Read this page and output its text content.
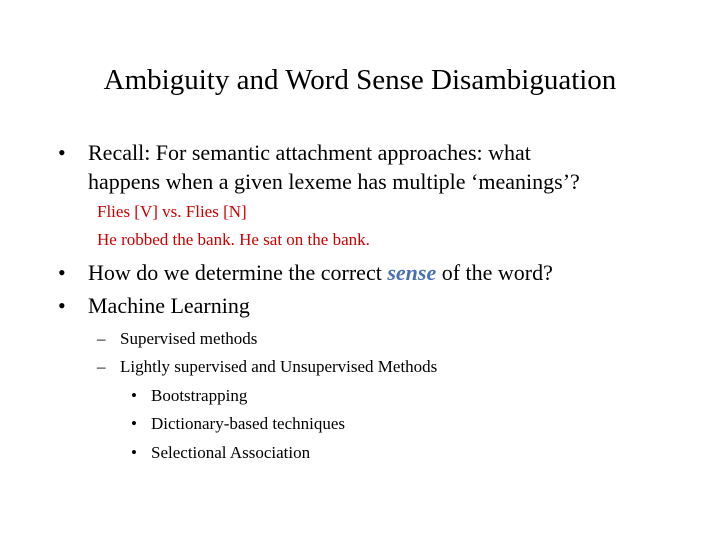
Ambiguity and Word Sense Disambiguation
• Recall: For semantic attachment approaches: what
happens when a given lexeme has multiple ‘meanings’?
Flies [V] vs. Flies [N]
He robbed the bank. He sat on the bank.
• How do we determine the correct sense of the word?
• Machine Learning
– Supervised methods
– Lightly supervised and Unsupervised Methods
• Bootstrapping
• Dictionary-based techniques
• Selectional Association
